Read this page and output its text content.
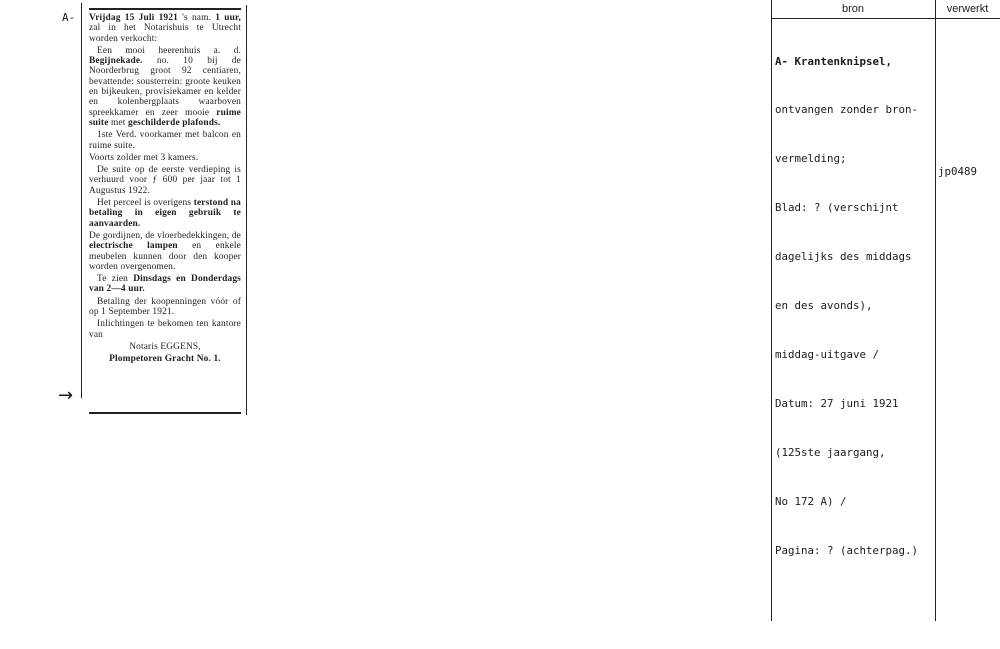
A-
→

Vrijdag 15 Juli 1921 's nam. 1 uur, zal in het Notarishuis te Utrecht worden verkocht:

Een mooi heerenhuis a. d. Begijnekade. no. 10 bij de Noorderbrug groot 92 centiaren, bevattende: sousterrein: groote keuken en bijkeuken, provisiekamer en kelder en kolenbergplaats waarboven spreekkamer en zeer mooie ruime suite met geschilderde plafonds.

1ste Verd. voorkamer met balcon en ruime suite.

Voorts zolder met 3 kamers.

De suite op de eerste verdieping is verhuurd voor ƒ 600 per jaar tot 1 Augustus 1922.

Het perceel is overigens terstond na betaling in eigen gebruik te aanvaarden.

De gordijnen, de vloerbedekkingen, de electrische lampen en enkele meubelen kunnen door den kooper worden overgenomen.

Te zien Dinsdags en Donderdags van 2—4 uur.

Betaling der koopenningen vóór of op 1 September 1921.

Inlichtingen te bekomen ten kantore van

Notaris EGGENS,

Plompetoren Gracht No. 1.

bron	verwerkt

A- Krantenknipsel,

ontvangen zonder bron-

vermelding;

Blad: ? (verschijnt

dagelijks des middags

en des avonds),

middag-uitgave /

Datum: 27 juni 1921

(125ste jaargang,

No 172 A) /

Pagina: ? (achterpag.)

jp0489
